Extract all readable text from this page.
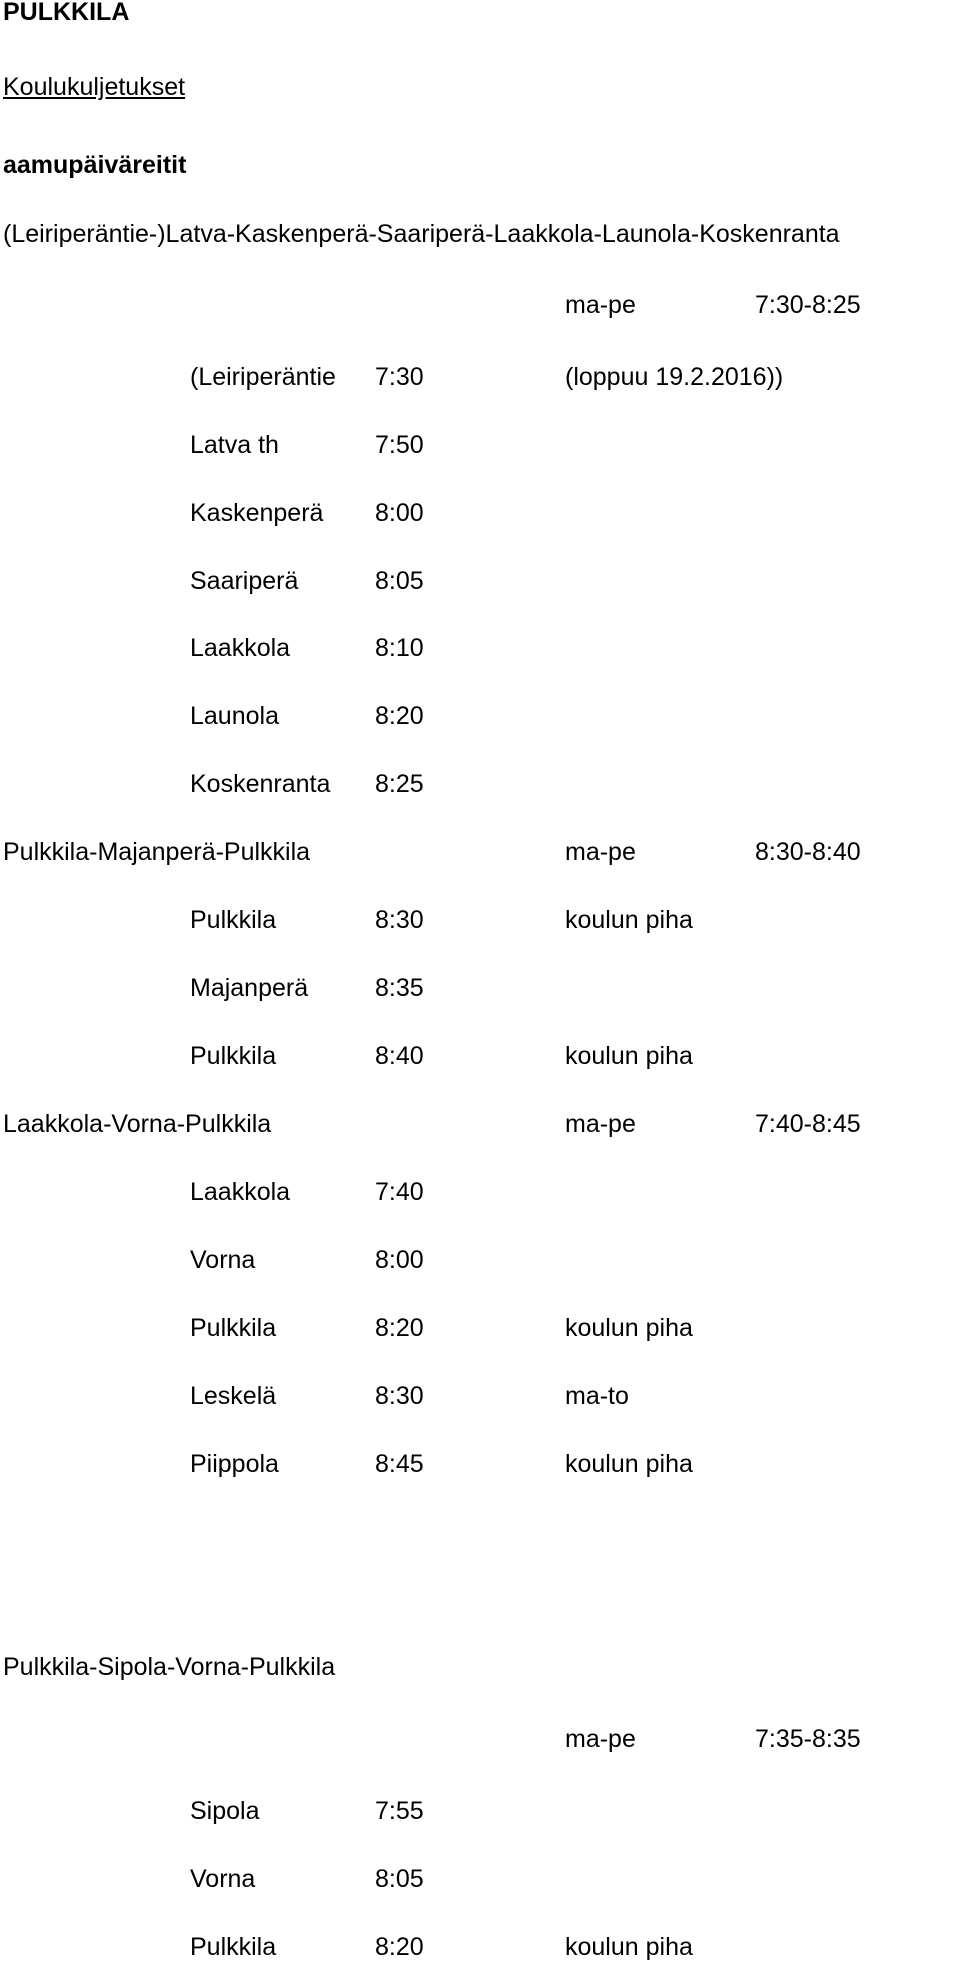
PULKKILA
Koulukuljetukset
aamupäiväreitit
(Leiriperäntie-)Latva-Kaskenperä-Saariperä-Laakkola-Launola-Koskenranta
ma-pe	7:30-8:25
(Leiriperäntie 7:30	(loppuu 19.2.2016))
Latva th	7:50
Kaskenperä 8:00
Saariperä	8:05
Laakkola	8:10
Launola	8:20
Koskenranta 8:25
Pulkkila-Majanperä-Pulkkila	ma-pe	8:30-8:40
Pulkkila	8:30	koulun piha
Majanperä	8:35
Pulkkila	8:40	koulun piha
Laakkola-Vorna-Pulkkila	ma-pe	7:40-8:45
Laakkola	7:40
Vorna	8:00
Pulkkila	8:20	koulun piha
Leskelä	8:30	ma-to
Piippola	8:45	koulun piha
Pulkkila-Sipola-Vorna-Pulkkila
ma-pe	7:35-8:35
Sipola	7:55
Vorna	8:05
Pulkkila	8:20	koulun piha
